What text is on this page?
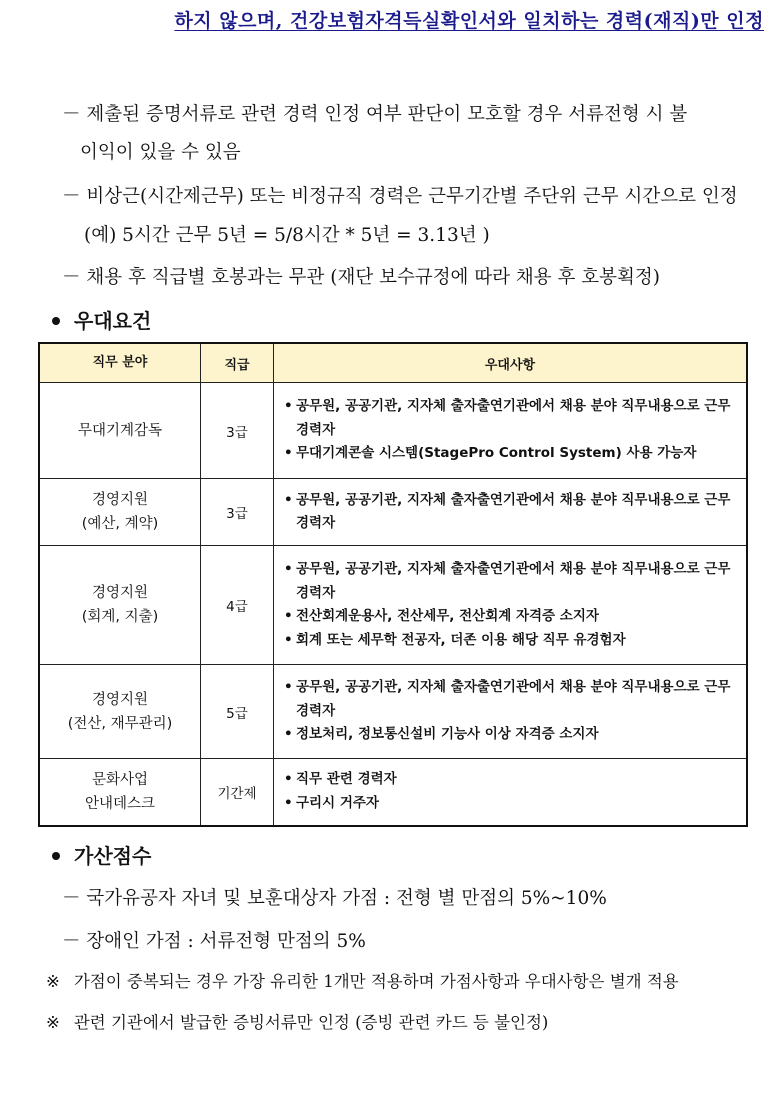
하지 않으며, 건강보험자격득실확인서와 일치하는 경력(재직)만 인정
－ 제출된 증명서류로 관련 경력 인정 여부 판단이 모호할 경우 서류전형 시 불
이익이 있을 수 있음
－ 비상근(시간제근무) 또는 비정규직 경력은 근무기간별 주단위 근무 시간으로 인정
(예) 5시간 근무 5년 = 5/8시간 * 5년 = 3.13년 )
－ 채용 후 직급별 호봉과는 무관 (재단 보수규정에 따라 채용 후 호봉획정)
우대요건
직무 분야	직급	우대사항
무대기계감독	3급	• 공무원, 공공기관, 지자체 출자출연기관에서 채용 분야 직무내용으로 근무 경력자
• 무대기계콘솔 시스템(StagePro Control System) 사용 가능자

경영지원
(예산, 계약)	3급	• 공무원, 공공기관, 지자체 출자출연기관에서 채용 분야 직무내용으로 근무 경력자

경영지원
(회계, 지출)	4급	• 공무원, 공공기관, 지자체 출자출연기관에서 채용 분야 직무내용으로 근무 경력자
• 전산회계운용사, 전산세무, 전산회계 자격증 소지자
• 회계 또는 세무학 전공자, 더존 이용 해당 직무 유경험자

경영지원
(전산, 재무관리)	5급	• 공무원, 공공기관, 지자체 출자출연기관에서 채용 분야 직무내용으로 근무 경력자
• 정보처리, 정보통신설비 기능사 이상 자격증 소지자

문화사업
안내데스크	기간제	• 직무 관련 경력자
• 구리시 거주자
가산점수
－ 국가유공자 자녀 및 보훈대상자 가점 : 전형 별 만점의 5%~10%
－ 장애인 가점 : 서류전형 만점의 5%
※ 가점이 중복되는 경우 가장 유리한 1개만 적용하며 가점사항과 우대사항은 별개 적용
※ 관련 기관에서 발급한 증빙서류만 인정 (증빙 관련 카드 등 불인정)
